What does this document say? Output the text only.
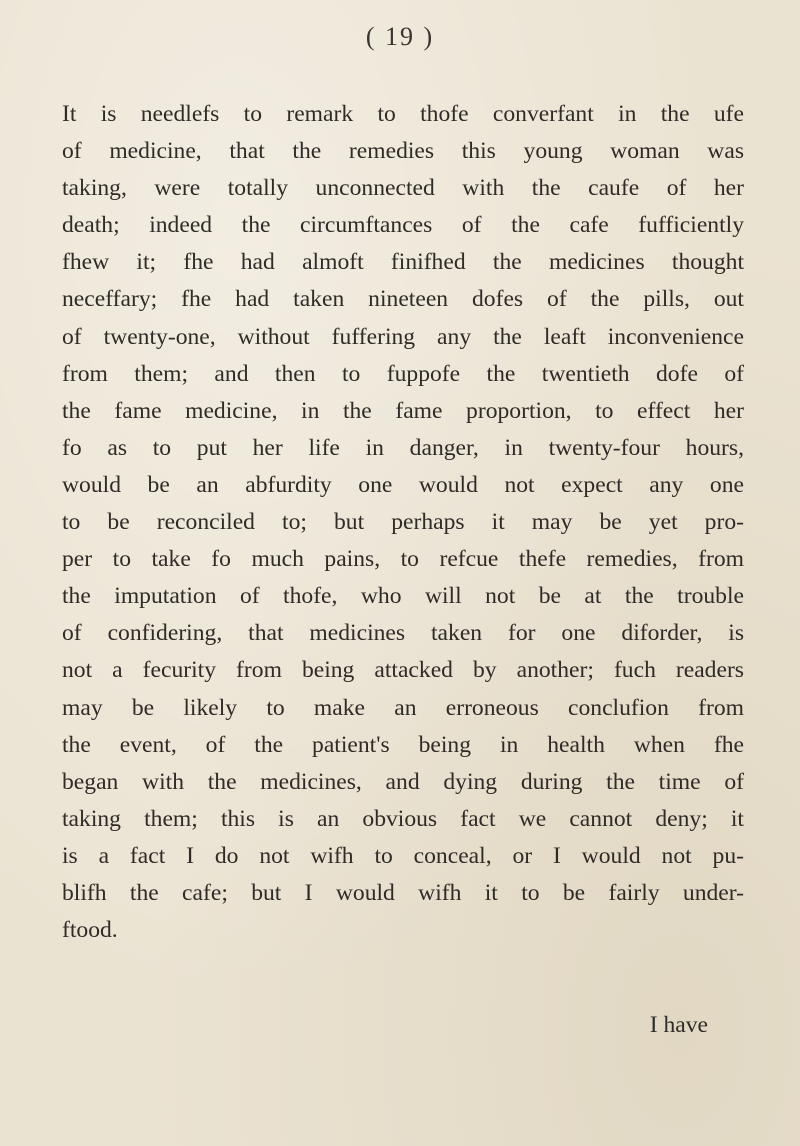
( 19 )
It is needlefs to remark to thofe converfant in the ufe
of medicine, that the remedies this young woman was
taking, were totally unconnected with the caufe of her
death; indeed the circumftances of the cafe fufficiently
fhew it; fhe had almoft finifhed the medicines thought
neceffary; fhe had taken nineteen dofes of the pills, out
of twenty-one, without fuffering any the leaft inconvenience
from them; and then to fuppofe the twentieth dofe of
the fame medicine, in the fame proportion, to effect her
fo as to put her life in danger, in twenty-four hours,
would be an abfurdity one would not expect any one
to be reconciled to; but perhaps it may be yet pro-
per to take fo much pains, to refcue thefe remedies, from
the imputation of thofe, who will not be at the trouble
of confidering, that medicines taken for one diforder, is
not a fecurity from being attacked by another; fuch readers
may be likely to make an erroneous conclufion from
the event, of the patient's being in health when fhe
began with the medicines, and dying during the time of
taking them; this is an obvious fact we cannot deny; it
is a fact I do not wifh to conceal, or I would not pu-
blifh the cafe; but I would wifh it to be fairly under-
ftood.
I have
